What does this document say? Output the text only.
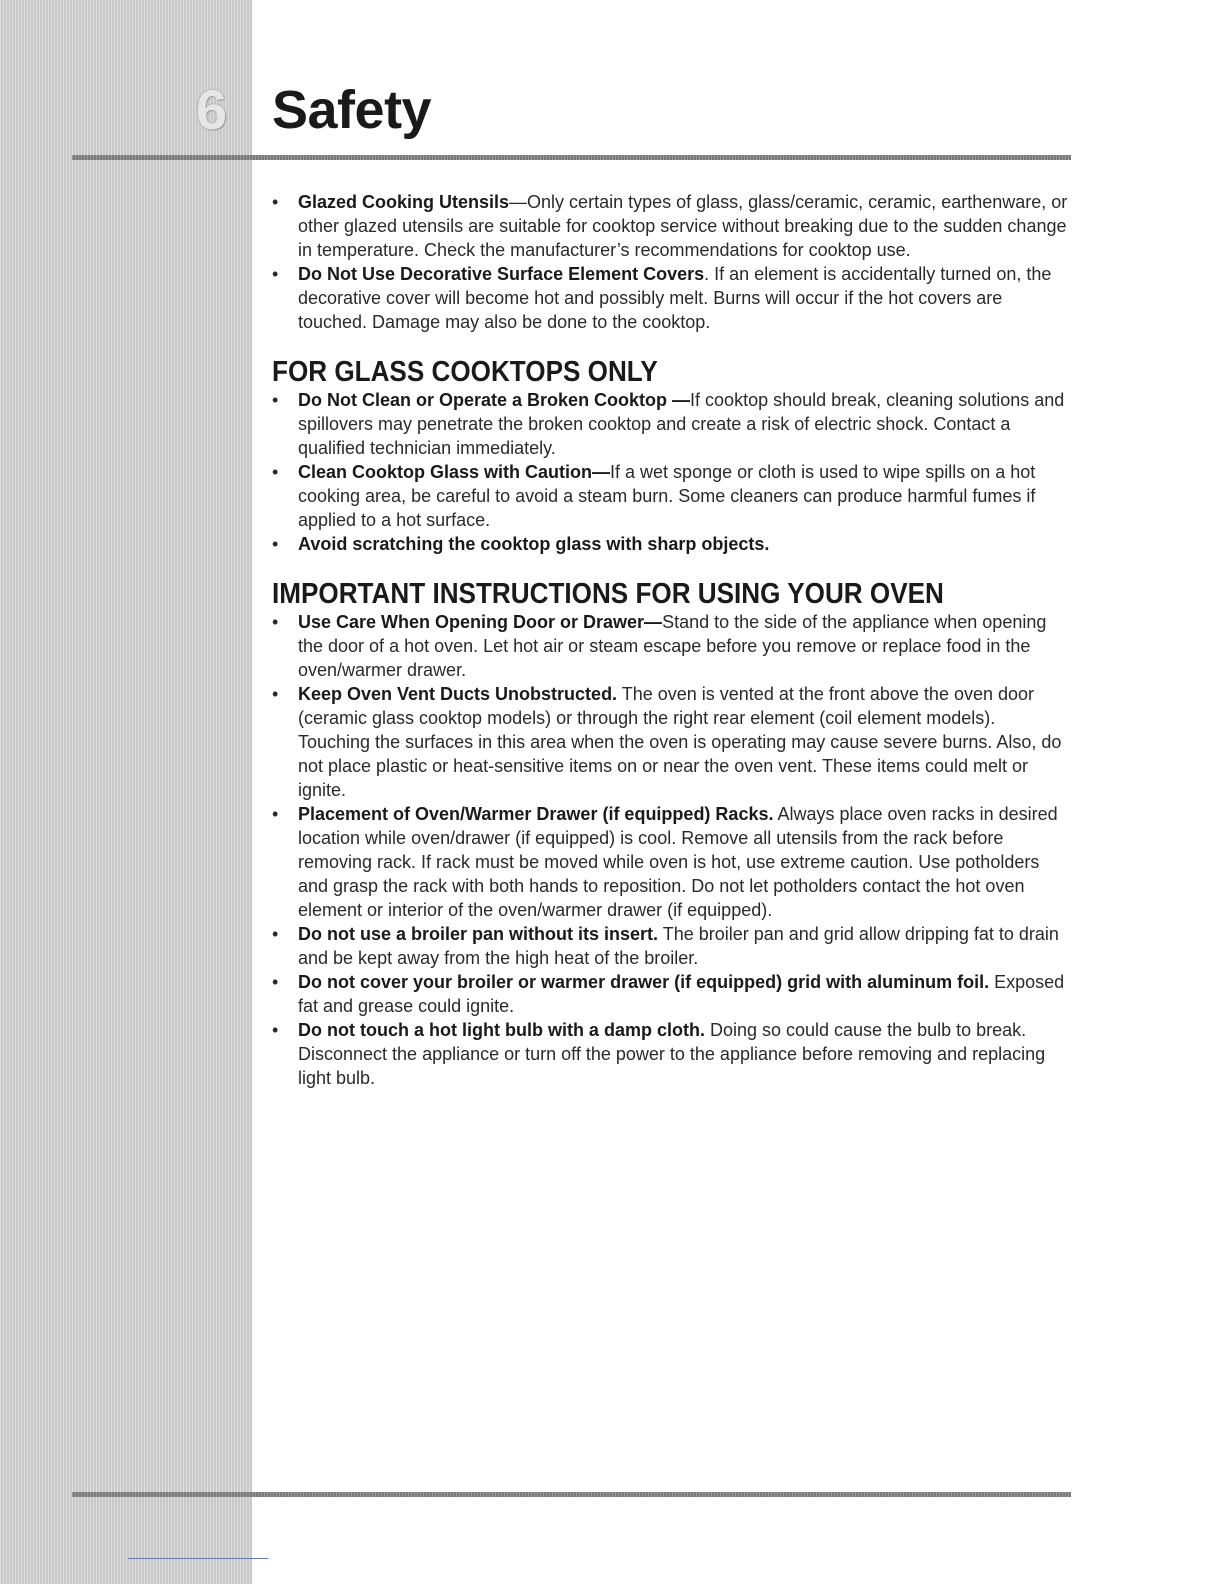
6 Safety
• Glazed Cooking Utensils—Only certain types of glass, glass/ceramic, ceramic, earthenware, or other glazed utensils are suitable for cooktop service without breaking due to the sudden change in temperature. Check the manufacturer’s recommendations for cooktop use.
• Do Not Use Decorative Surface Element Covers. If an element is accidentally turned on, the decorative cover will become hot and possibly melt. Burns will occur if the hot covers are touched. Damage may also be done to the cooktop.
FOR GLASS COOKTOPS ONLY
• Do Not Clean or Operate a Broken Cooktop —If cooktop should break, cleaning solutions and spillovers may penetrate the broken cooktop and create a risk of electric shock. Contact a qualified technician immediately.
• Clean Cooktop Glass with Caution—If a wet sponge or cloth is used to wipe spills on a hot cooking area, be careful to avoid a steam burn. Some cleaners can produce harmful fumes if applied to a hot surface.
• Avoid scratching the cooktop glass with sharp objects.
IMPORTANT INSTRUCTIONS FOR USING YOUR OVEN
• Use Care When Opening Door or Drawer—Stand to the side of the appliance when opening the door of a hot oven. Let hot air or steam escape before you remove or replace food in the oven/warmer drawer.
• Keep Oven Vent Ducts Unobstructed. The oven is vented at the front above the oven door (ceramic glass cooktop models) or through the right rear element (coil element models). Touching the surfaces in this area when the oven is operating may cause severe burns. Also, do not place plastic or heat-sensitive items on or near the oven vent. These items could melt or ignite.
• Placement of Oven/Warmer Drawer (if equipped) Racks. Always place oven racks in desired location while oven/drawer (if equipped) is cool. Remove all utensils from the rack before removing rack. If rack must be moved while oven is hot, use extreme caution. Use potholders and grasp the rack with both hands to reposition. Do not let potholders contact the hot oven element or interior of the oven/warmer drawer (if equipped).
• Do not use a broiler pan without its insert. The broiler pan and grid allow dripping fat to drain and be kept away from the high heat of the broiler.
• Do not cover your broiler or warmer drawer (if equipped) grid with aluminum foil. Exposed fat and grease could ignite.
• Do not touch a hot light bulb with a damp cloth. Doing so could cause the bulb to break. Disconnect the appliance or turn off the power to the appliance before removing and replacing light bulb.
